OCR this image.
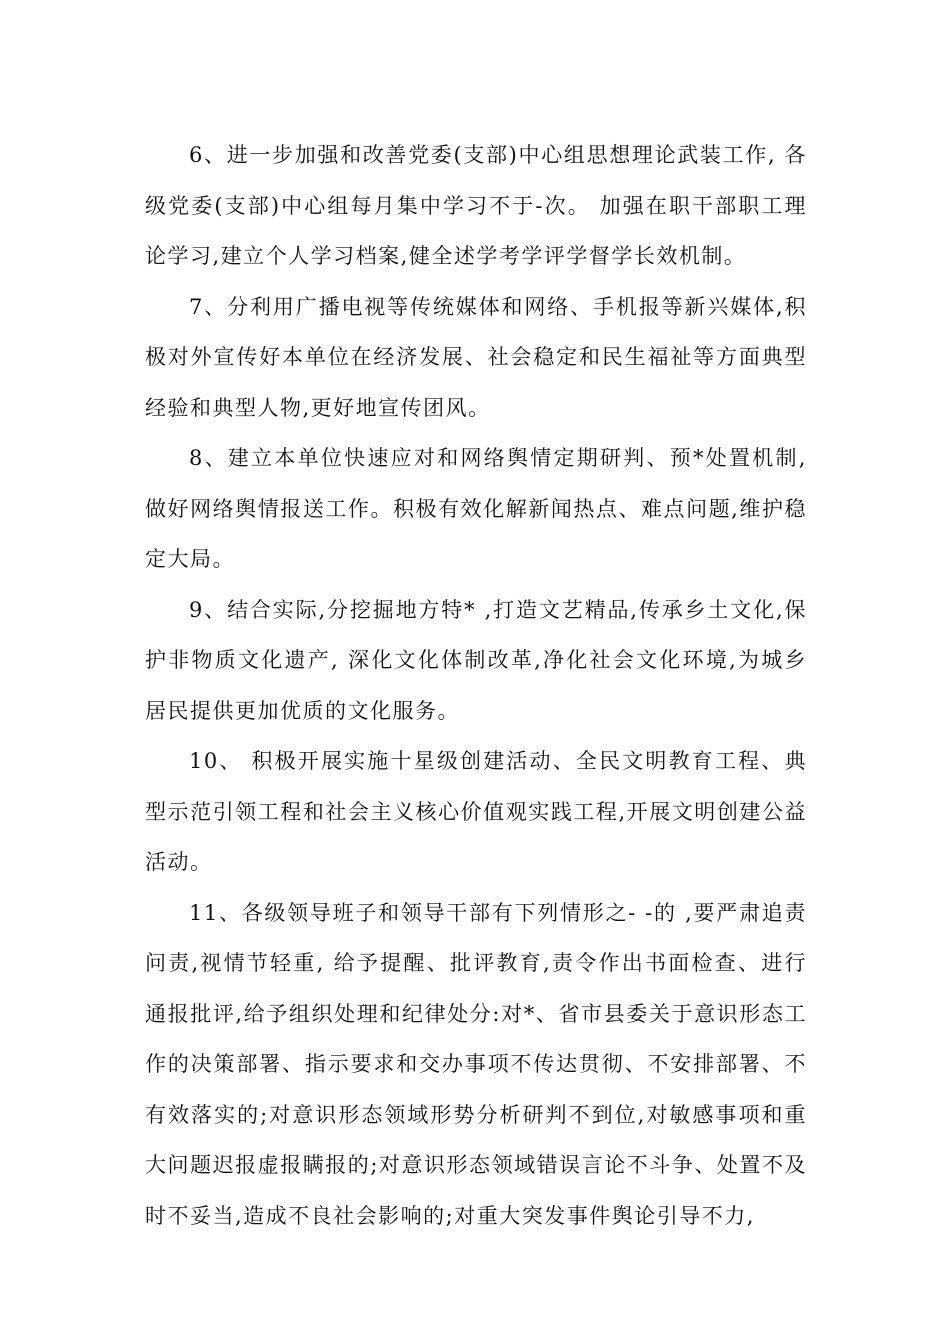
6、进一步加强和改善党委(支部)中心组思想理论武装工作, 各级党委(支部)中心组每月集中学习不于-次。 加强在职干部职工理论学习,建立个人学习档案,健全述学考学评学督学长效机制。

7、分利用广播电视等传统媒体和网络、手机报等新兴媒体,积极对外宣传好本单位在经济发展、社会稳定和民生福祉等方面典型经验和典型人物,更好地宣传团风。

8、建立本单位快速应对和网络舆情定期研判、预*处置机制,做好网络舆情报送工作。积极有效化解新闻热点、难点问题,维护稳定大局。

9、结合实际,分挖掘地方特* ,打造文艺精品,传承乡土文化,保护非物质文化遗产, 深化文化体制改革,净化社会文化环境,为城乡居民提供更加优质的文化服务。

10、 积极开展实施十星级创建活动、全民文明教育工程、典型示范引领工程和社会主义核心价值观实践工程,开展文明创建公益活动。

11、各级领导班子和领导干部有下列情形之- -的 ,要严肃追责问责,视情节轻重, 给予提醒、批评教育,责令作出书面检查、进行通报批评,给予组织处理和纪律处分:对*、省市县委关于意识形态工作的决策部署、指示要求和交办事项不传达贯彻、不安排部署、不有效落实的;对意识形态领域形势分析研判不到位,对敏感事项和重大问题迟报虚报瞒报的;对意识形态领域错误言论不斗争、处置不及时不妥当,造成不良社会影响的;对重大突发事件舆论引导不力,
